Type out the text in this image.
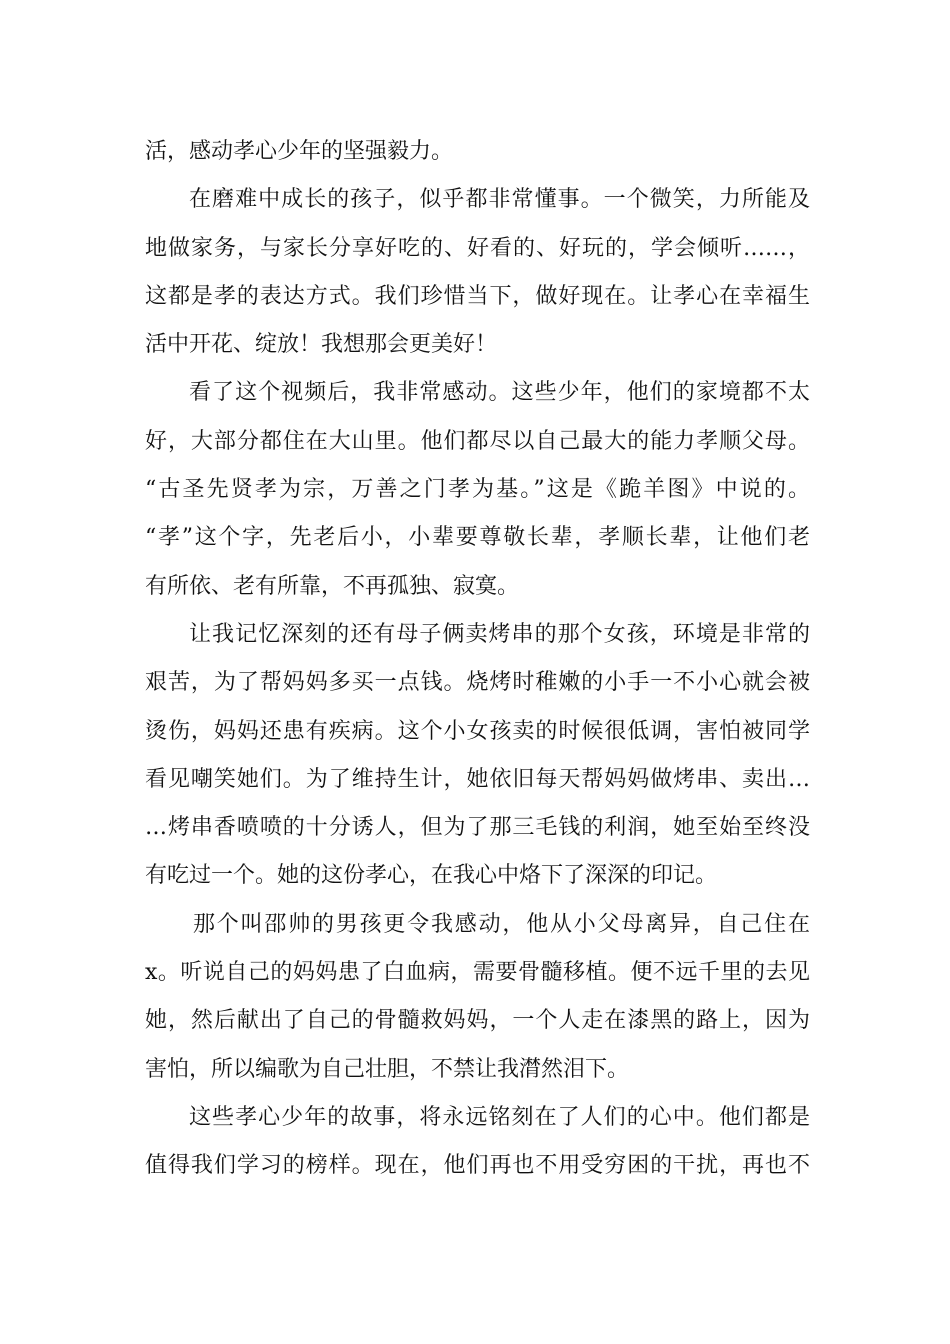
活，感动孝心少年的坚强毅力。
在磨难中成长的孩子，似乎都非常懂事。一个微笑，力所能及
地做家务，与家长分享好吃的、好看的、好玩的，学会倾听……，
这都是孝的表达方式。我们珍惜当下，做好现在。让孝心在幸福生
活中开花、绽放！我想那会更美好！
看了这个视频后，我非常感动。这些少年，他们的家境都不太
好，大部分都住在大山里。他们都尽以自己最大的能力孝顺父母。
“古圣先贤孝为宗，万善之门孝为基。”这是《跪羊图》中说的。
“孝”这个字，先老后小，小辈要尊敬长辈，孝顺长辈，让他们老
有所依、老有所靠，不再孤独、寂寞。
让我记忆深刻的还有母子俩卖烤串的那个女孩，环境是非常的
艰苦，为了帮妈妈多买一点钱。烧烤时稚嫩的小手一不小心就会被
烫伤，妈妈还患有疾病。这个小女孩卖的时候很低调，害怕被同学
看见嘲笑她们。为了维持生计，她依旧每天帮妈妈做烤串、卖出…
…烤串香喷喷的十分诱人，但为了那三毛钱的利润，她至始至终没
有吃过一个。她的这份孝心，在我心中烙下了深深的印记。
那个叫邵帅的男孩更令我感动，他从小父母离异，自己住在
x。听说自己的妈妈患了白血病，需要骨髓移植。便不远千里的去见
她，然后献出了自己的骨髓救妈妈，一个人走在漆黑的路上，因为
害怕，所以编歌为自己壮胆，不禁让我潸然泪下。
这些孝心少年的故事，将永远铭刻在了人们的心中。他们都是
值得我们学习的榜样。现在，他们再也不用受穷困的干扰，再也不
